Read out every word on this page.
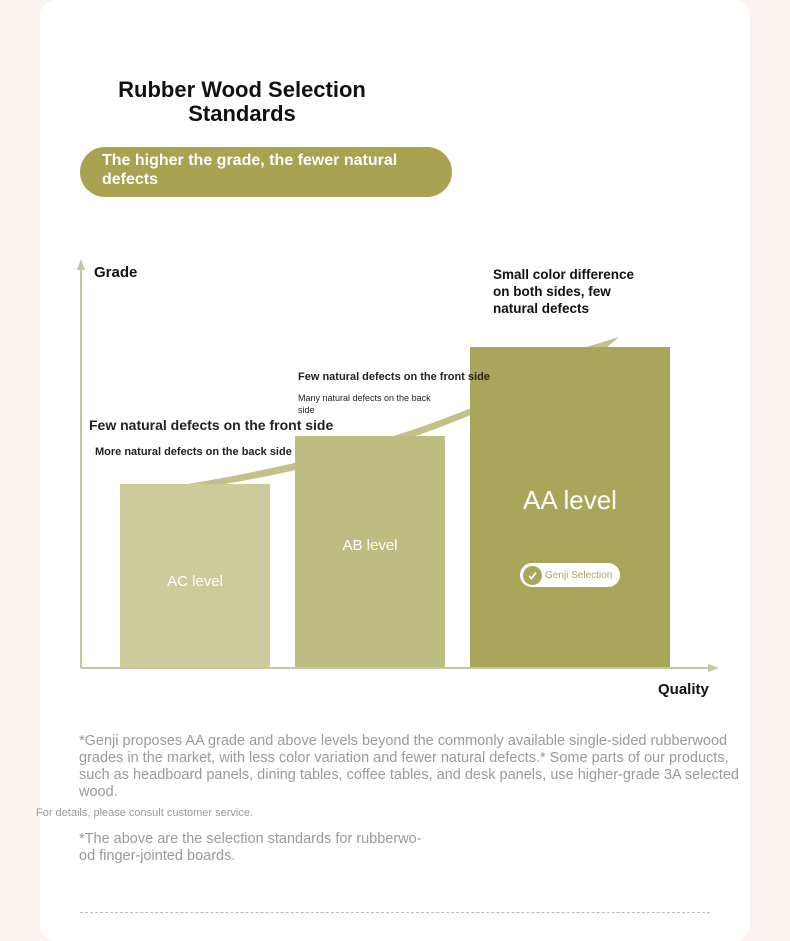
Rubber Wood Selection
Standards
The higher the grade, the fewer natural
defects
Grade
Quality
AC level
AB level
AA level
Genji Selection
Few natural defects on the front side
More natural defects on the back side
Few natural defects on the front side
Many natural defects on the back
side
Small color difference
on both sides, few
natural defects
*Genji proposes AA grade and above levels beyond the commonly available single-sided rubberwood
grades in the market, with less color variation and fewer natural defects.* Some parts of our products,
such as headboard panels, dining tables, coffee tables, and desk panels, use higher-grade 3A selected
wood.
For details, please consult customer service.
*The above are the selection standards for rubberwo-
od finger-jointed boards.
